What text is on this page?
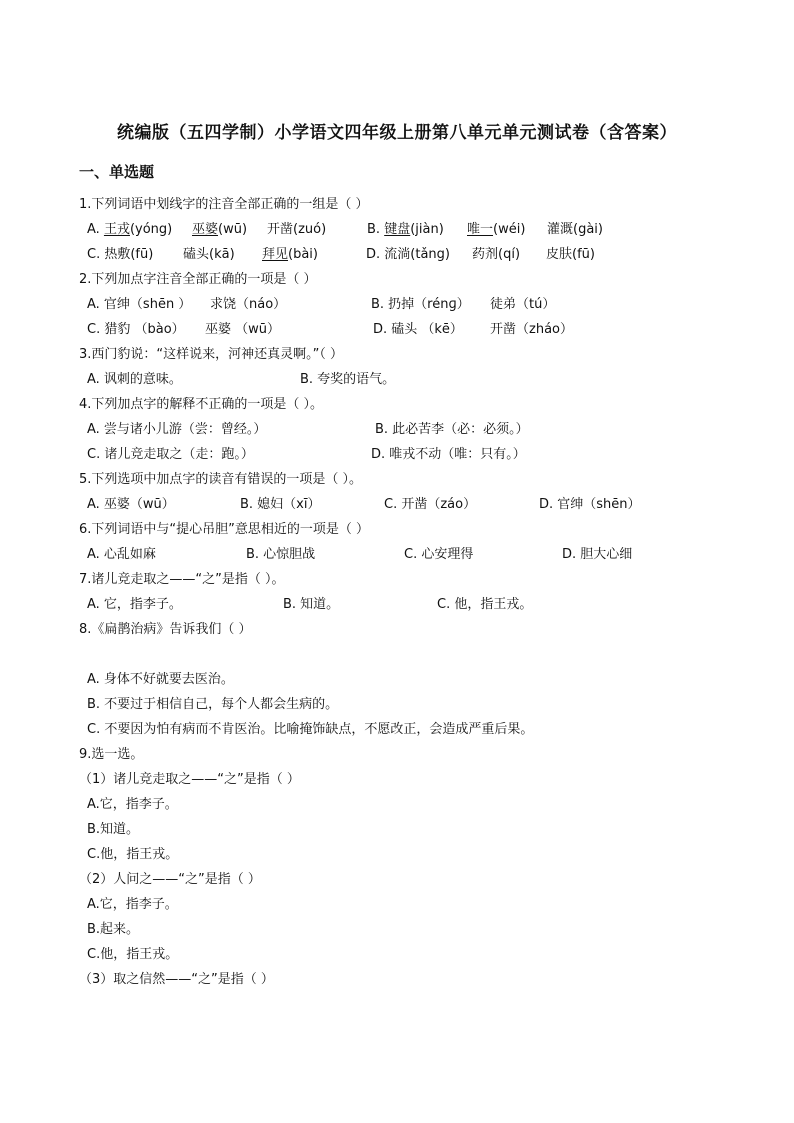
统编版（五四学制）小学语文四年级上册第八单元单元测试卷（含答案）
一、单选题
1.下列词语中划线字的注音全部正确的一组是（ ）
A. 王戎(yóng) 巫婆(wū) 开凿(zuó)	B. 键盘(jiàn) 唯一(wéi) 灌溉(gài)
C. 热敷(fū) 磕头(kā) 拜见(bài)	D. 流淌(tǎng) 药剂(qí) 皮肤(fū)
2.下列加点字注音全部正确的一项是（ ）
A. 官绅（shēn ） 求饶（náo）	B. 扔掉（rénɡ） 徒弟（tú）
C. 猎豹 （bào） 巫婆 （wū）	D. 磕头 （kē） 开凿（zháo）
3.西门豹说：“这样说来，河神还真灵啊。”（ ）
A. 讽刺的意味。	B. 夸奖的语气。
4.下列加点字的解释不正确的一项是（ ）。
A. 尝与诸小儿游（尝：曾经。）	B. 此必苦李（必：必须。）
C. 诸儿竞走取之（走：跑。）	D. 唯戎不动（唯：只有。）
5.下列选项中加点字的读音有错误的一项是（ ）。
A. 巫婆（wū）	B. 媳妇（xī）	C. 开凿（záo）	D. 官绅（shēn）
6.下列词语中与“提心吊胆”意思相近的一项是（ ）
A. 心乱如麻	B. 心惊胆战	C. 心安理得	D. 胆大心细
7.诸儿竞走取之——“之”是指（ ）。
A. 它，指李子。	B. 知道。	C. 他，指王戎。
8.《扁鹊治病》告诉我们（ ）
A. 身体不好就要去医治。
B. 不要过于相信自己，每个人都会生病的。
C. 不要因为怕有病而不肯医治。比喻掩饰缺点，不愿改正，会造成严重后果。
9.选一选。
（1）诸儿竞走取之——“之”是指（ ）
A.它，指李子。
B.知道。
C.他，指王戎。
（2）人问之——“之”是指（ ）
A.它，指李子。
B.起来。
C.他，指王戎。
（3）取之信然——“之”是指（ ）
